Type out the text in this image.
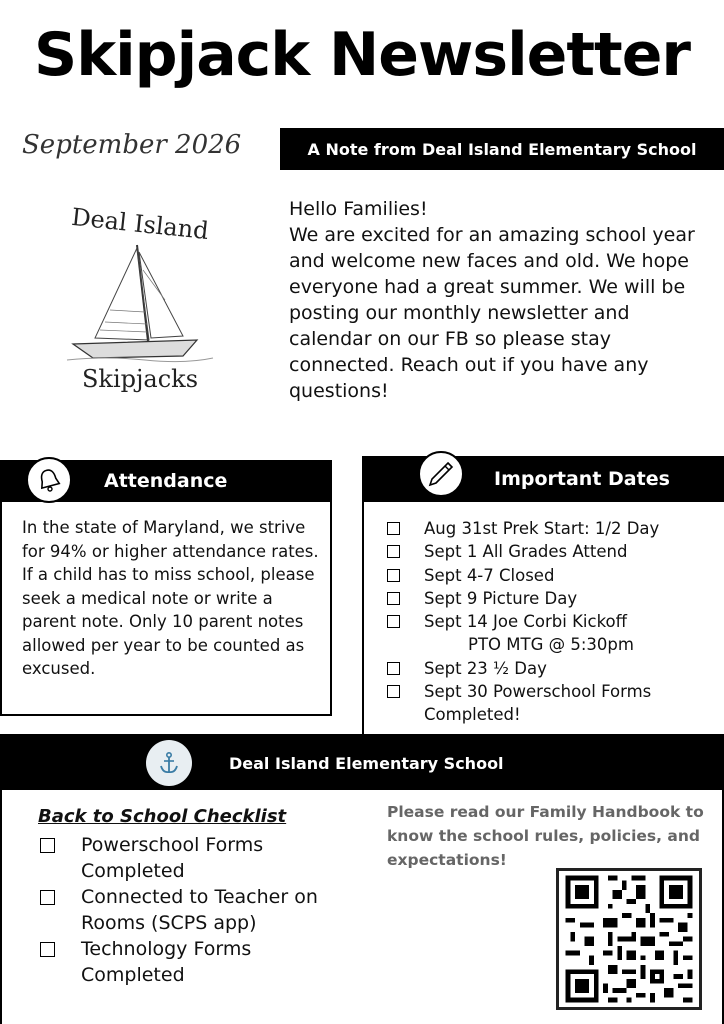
Skipjack Newsletter
September 2026	A Note from Deal Island Elementary School
Deal Island
Skipjacks
Hello Families!
We are excited for an amazing school year and welcome new faces and old. We hope everyone had a great summer. We will be posting our monthly newsletter and calendar on our FB so please stay connected. Reach out if you have any questions!
Attendance
In the state of Maryland, we strive for 94% or higher attendance rates. If a child has to miss school, please seek a medical note or write a parent note. Only 10 parent notes allowed per year to be counted as excused.
Important Dates
Aug 31st Prek Start: 1/2 Day
Sept 1 All Grades Attend
Sept 4-7 Closed
Sept 9 Picture Day
Sept 14 Joe Corbi Kickoff
PTO MTG @ 5:30pm
Sept 23 ½ Day
Sept 30 Powerschool Forms Completed!
Deal Island Elementary School
Back to School Checklist
Powerschool Forms Completed
Connected to Teacher on Rooms (SCPS app)
Technology Forms Completed
Please read our Family Handbook to know the school rules, policies, and expectations!
